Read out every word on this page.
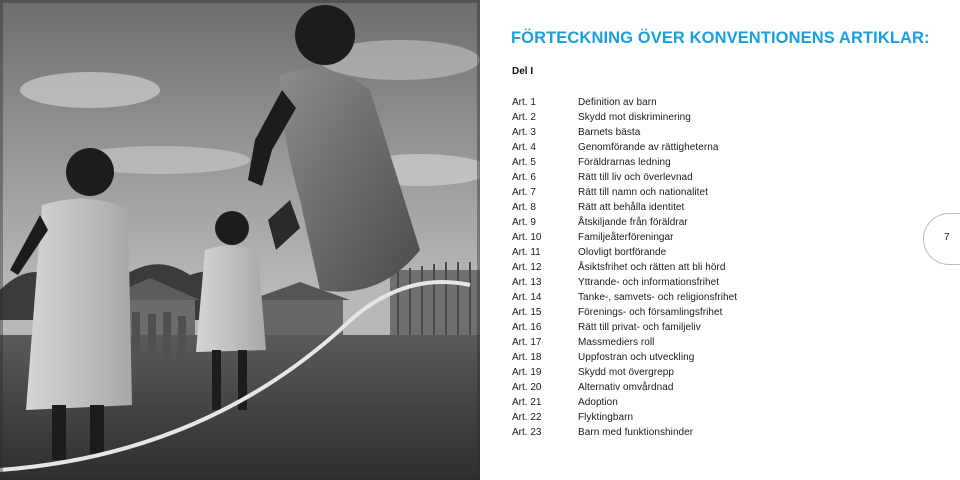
FÖRTECKNING ÖVER KONVENTIONENS ARTIKLAR:
Del I
Art. 1	Definition av barn
Art. 2	Skydd mot diskriminering
Art. 3	Barnets bästa
Art. 4	Genomförande av rättigheterna
Art. 5	Föräldrarnas ledning
Art. 6	Rätt till liv och överlevnad
Art. 7	Rätt till namn och nationalitet
Art. 8	Rätt att behålla identitet
Art. 9	Åtskiljande från föräldrar
Art. 10	Familjeåterföreningar
Art. 11	Olovligt bortförande
Art. 12	Åsiktsfrihet och rätten att bli hörd
Art. 13	Yttrande- och informationsfrihet
Art. 14	Tanke-, samvets- och religionsfrihet
Art. 15	Förenings- och församlingsfrihet
Art. 16	Rätt till privat- och familjeliv
Art. 17	Massmediers roll
Art. 18	Uppfostran och utveckling
Art. 19	Skydd mot övergrepp
Art. 20	Alternativ omvårdnad
Art. 21	Adoption
Art. 22	Flyktingbarn
Art. 23	Barn med funktionshinder
7
